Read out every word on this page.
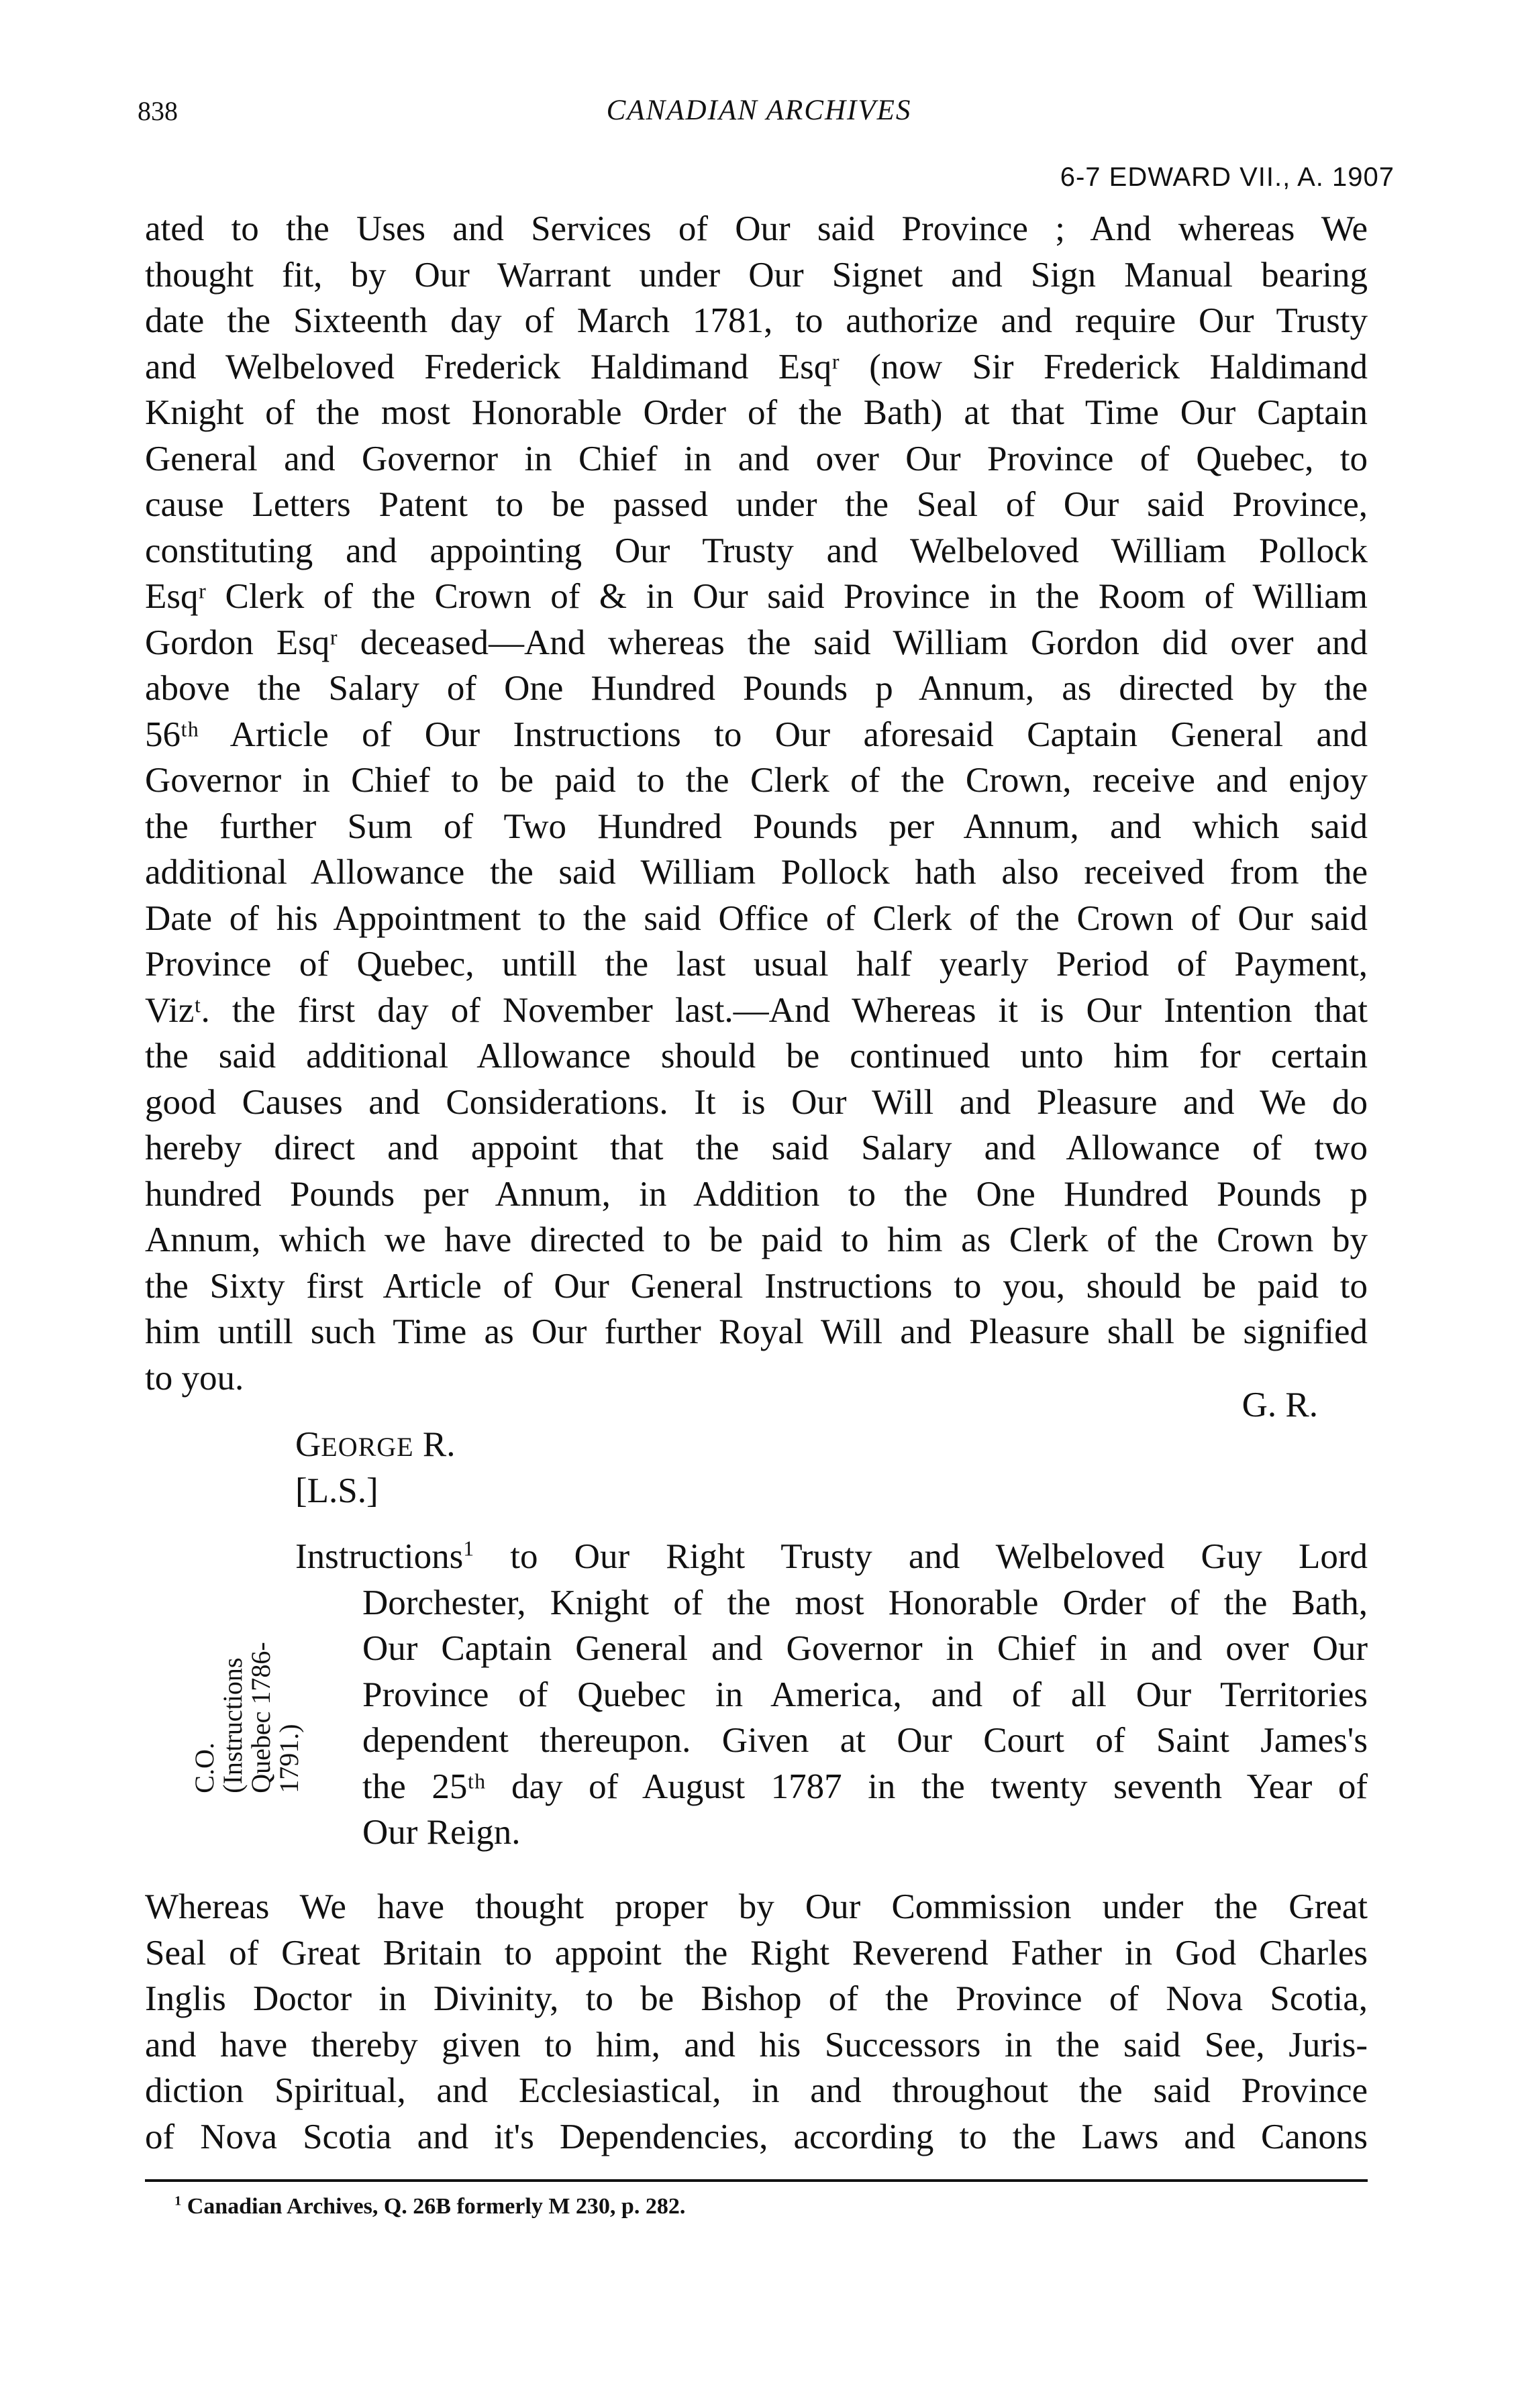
838	CANADIAN ARCHIVES
6-7 EDWARD VII., A. 1907

ated to the Uses and Services of Our said Province ; And whereas We
thought fit, by Our Warrant under Our Signet and Sign Manual bearing
date the Sixteenth day of March 1781, to authorize and require Our Trusty
and Welbeloved Frederick Haldimand Esqʳ (now Sir Frederick Haldimand
Knight of the most Honorable Order of the Bath) at that Time Our Captain
General and Governor in Chief in and over Our Province of Quebec, to
cause Letters Patent to be passed under the Seal of Our said Province,
constituting and appointing Our Trusty and Welbeloved William Pollock
Esqʳ Clerk of the Crown of & in Our said Province in the Room of William
Gordon Esqʳ deceased—And whereas the said William Gordon did over and
above the Salary of One Hundred Pounds p Annum, as directed by the
56ᵗʰ Article of Our Instructions to Our aforesaid Captain General and
Governor in Chief to be paid to the Clerk of the Crown, receive and enjoy
the further Sum of Two Hundred Pounds per Annum, and which said
additional Allowance the said William Pollock hath also received from the
Date of his Appointment to the said Office of Clerk of the Crown of Our said
Province of Quebec, untill the last usual half yearly Period of Payment,
Vizᵗ. the first day of November last.—And Whereas it is Our Intention that
the said additional Allowance should be continued unto him for certain
good Causes and Considerations. It is Our Will and Pleasure and We do
hereby direct and appoint that the said Salary and Allowance of two
hundred Pounds per Annum, in Addition to the One Hundred Pounds p
Annum, which we have directed to be paid to him as Clerk of the Crown by
the Sixty first Article of Our General Instructions to you, should be paid to
him untill such Time as Our further Royal Will and Pleasure shall be signified
to you.

G. R.
GEORGE R.
[L.S.]

Instructions$^1$ to Our Right Trusty and Welbeloved Guy Lord
Dorchester, Knight of the most Honorable Order of the Bath,
Our Captain General and Governor in Chief in and over Our
Province of Quebec in America, and of all Our Territories
dependent thereupon. Given at Our Court of Saint James's
the 25ᵗʰ day of August 1787 in the twenty seventh Year of
Our Reign.

C.O.
(Instructions
Quebec 1786-
1791.)

Whereas We have thought proper by Our Commission under the Great
Seal of Great Britain to appoint the Right Reverend Father in God Charles
Inglis Doctor in Divinity, to be Bishop of the Province of Nova Scotia,
and have thereby given to him, and his Successors in the said See, Juris-
diction Spiritual, and Ecclesiastical, in and throughout the said Province
of Nova Scotia and it's Dependencies, according to the Laws and Canons

$^1$ Canadian Archives, Q. 26B formerly M 230, p. 282.
